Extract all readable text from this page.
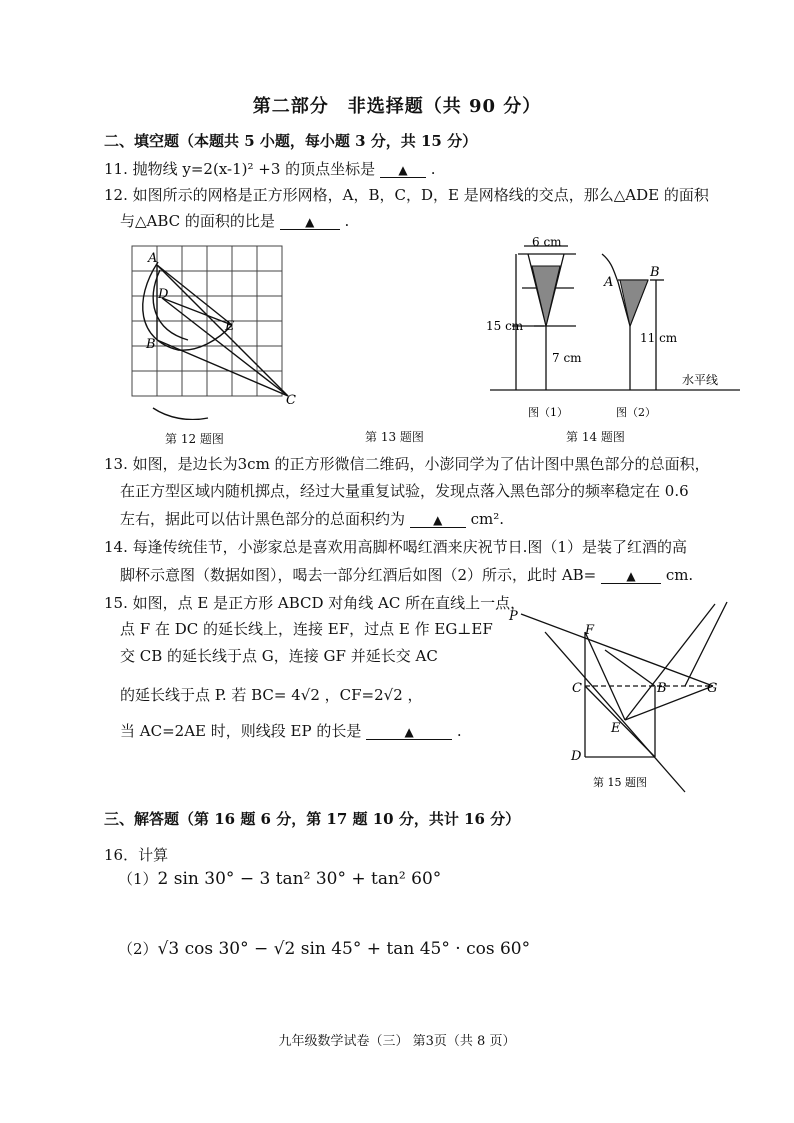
第二部分　非选择题（共 90 分）
二、填空题（本题共 5 小题，每小题 3 分，共 15 分）
11. 抛物线 y=2(x-1)² +3 的顶点坐标是 ▲ .
12. 如图所示的网格是正方形网格，A，B，C，D，E 是网格线的交点，那么△ADE 的面积
与△ABC 的面积的比是	▲ .
A
D
B
E
C
6 cm
15 cm
7 cm
11 cm
A
B
水平线
图（1）	图（2）
第 12 题图	第 13 题图	第 14 题图
13. 如图，是边长为3cm 的正方形微信二维码，小澎同学为了估计图中黑色部分的总面积，
在正方型区域内随机掷点，经过大量重复试验，发现点落入黑色部分的频率稳定在 0.6
左右，据此可以估计黑色部分的总面积约为 ▲ cm².
14. 每逢传统佳节，小澎家总是喜欢用高脚杯喝红酒来庆祝节日.图（1）是装了红酒的高
脚杯示意图（数据如图），喝去一部分红酒后如图（2）所示，此时 AB=	▲ cm.
15. 如图，点 E 是正方形 ABCD 对角线 AC 所在直线上一点，
点 F 在 DC 的延长线上，连接 EF，过点 E 作 EG⊥EF
交 CB 的延长线于点 G，连接 GF 并延长交 AC
的延长线于点 P. 若 BC= 4√2 ，CF=2√2 ，
当 AC=2AE 时，则线段 EP 的长是	▲	.
P
F
C	B	G
E
D
第 15 题图
三、解答题（第 16 题 6 分，第 17 题 10 分，共计 16 分）
16．计算
（1）2 sin 30° − 3 tan² 30° + tan² 60°
（2）√3 cos 30° − √2 sin 45° + tan 45° · cos 60°
九年级数学试卷（三） 第3页（共 8 页）
